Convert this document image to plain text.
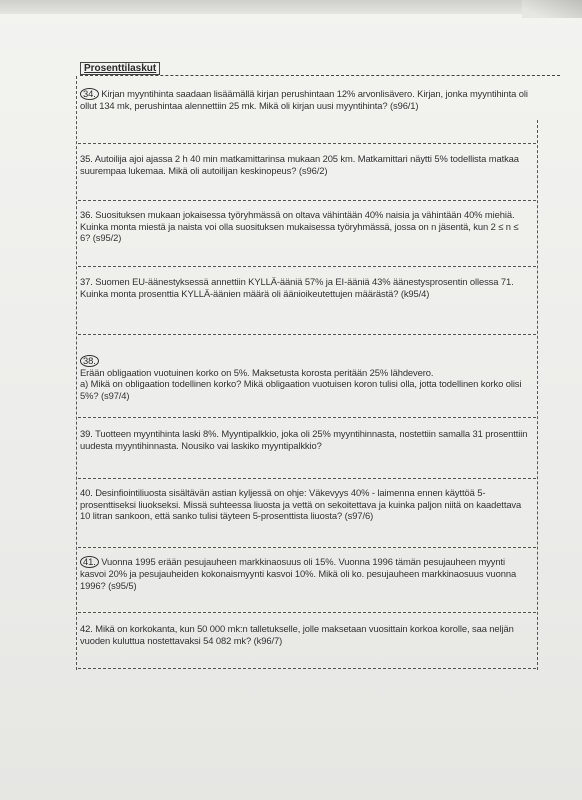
Prosenttilaskut
34. Kirjan myyntihinta saadaan lisäämällä kirjan perushintaan 12% arvonlisävero. Kirjan, jonka myyntihinta oli ollut 134 mk, perushintaa alennettiin 25 mk. Mikä oli kirjan uusi myyntihinta? (s96/1)
35. Autoilija ajoi ajassa 2 h 40 min matkamittarinsa mukaan 205 km. Matkamittari näytti 5% todellista matkaa suurempaa lukemaa. Mikä oli autoilijan keskinopeus? (s96/2)
36. Suosituksen mukaan jokaisessa työryhmässä on oltava vähintään 40% naisia ja vähintään 40% miehiä. Kuinka monta miestä ja naista voi olla suosituksen mukaisessa työryhmässä, jossa on n jäsentä, kun 2 ≤ n ≤ 6? (s95/2)
37. Suomen EU-äänestyksessä annettiin KYLLÄ-ääniä 57% ja EI-ääniä 43% äänestysprosentin ollessa 71. Kuinka monta prosenttia KYLLÄ-äänien määrä oli äänioikeutettujen määrästä? (k95/4)

38.
Erään obligaation vuotuinen korko on 5%. Maksetusta korosta peritään 25% lähdevero.
a) Mikä on obligaation todellinen korko? Mikä obligaation vuotuisen koron tulisi olla, jotta todellinen korko olisi 5%? (s97/4)

39. Tuotteen myyntihinta laski 8%. Myyntipalkkio, joka oli 25% myyntihinnasta, nostettiin samalla 31 prosenttiin uudesta myyntihinnasta. Nousiko vai laskiko myyntipalkkio?
40. Desinfiointiliuosta sisältävän astian kyljessä on ohje: Väkevyys 40% - laimenna ennen käyttöä 5-prosenttiseksi liuokseksi. Missä suhteessa liuosta ja vettä on sekoitettava ja kuinka paljon niitä on kaadettava 10 litran sankoon, että sanko tulisi täyteen 5-prosenttista liuosta? (s97/6)
41. Vuonna 1995 erään pesujauheen markkinaosuus oli 15%. Vuonna 1996 tämän pesujauheen myynti kasvoi 20% ja pesujauheiden kokonaismyynti kasvoi 10%. Mikä oli ko. pesujauheen markkinaosuus vuonna 1996? (s95/5)
42. Mikä on korkokanta, kun 50 000 mk:n talletukselle, jolle maksetaan vuosittain korkoa korolle, saa neljän vuoden kuluttua nostettavaksi 54 082 mk? (k96/7)
